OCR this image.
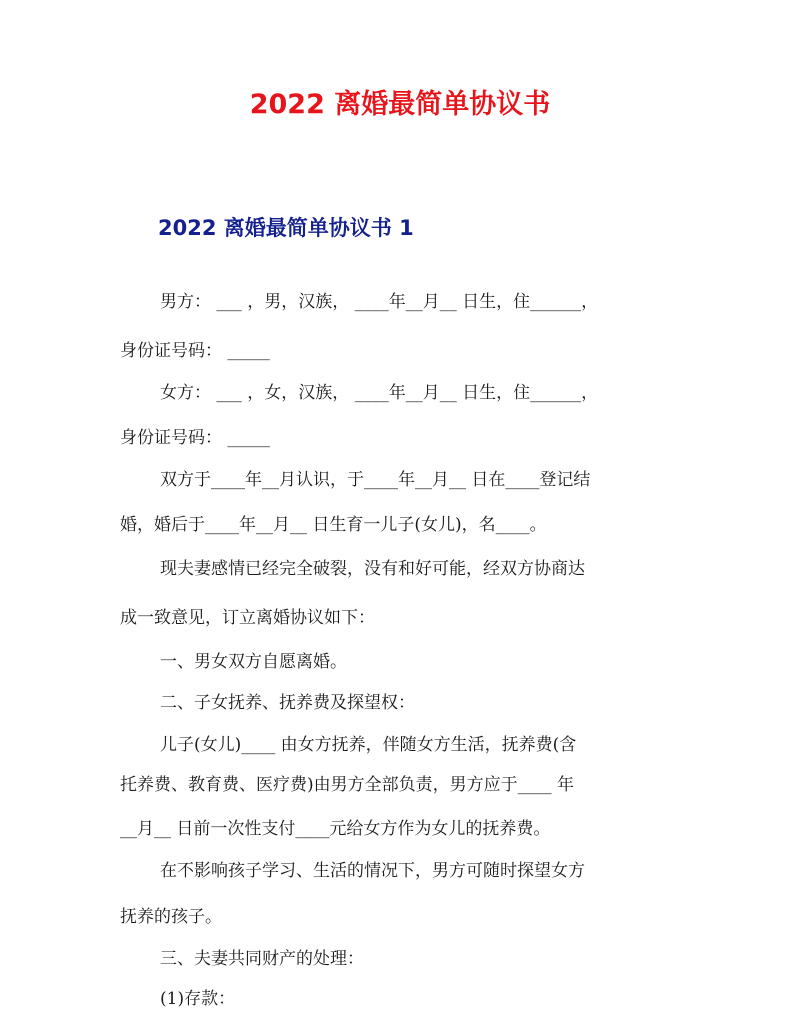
2022 离婚最简单协议书
2022 离婚最简单协议书 1

男方： ___ ，男，汉族， ____年__月__ 日生，住______，

身份证号码： _____

女方： ___ ，女，汉族， ____年__月__ 日生，住______，

身份证号码： _____

双方于____年__月认识，于____年__月__ 日在____登记结

婚，婚后于____年__月__ 日生育一儿子(女儿)，名____。

现夫妻感情已经完全破裂，没有和好可能，经双方协商达

成一致意见，订立离婚协议如下：

一、男女双方自愿离婚。

二、子女抚养、抚养费及探望权：

儿子(女儿)____ 由女方抚养，伴随女方生活，抚养费(含

托养费、教育费、医疗费)由男方全部负责，男方应于____ 年

__月__ 日前一次性支付____元给女方作为女儿的抚养费。

在不影响孩子学习、生活的情况下，男方可随时探望女方

抚养的孩子。

三、夫妻共同财产的处理：

(1)存款：
